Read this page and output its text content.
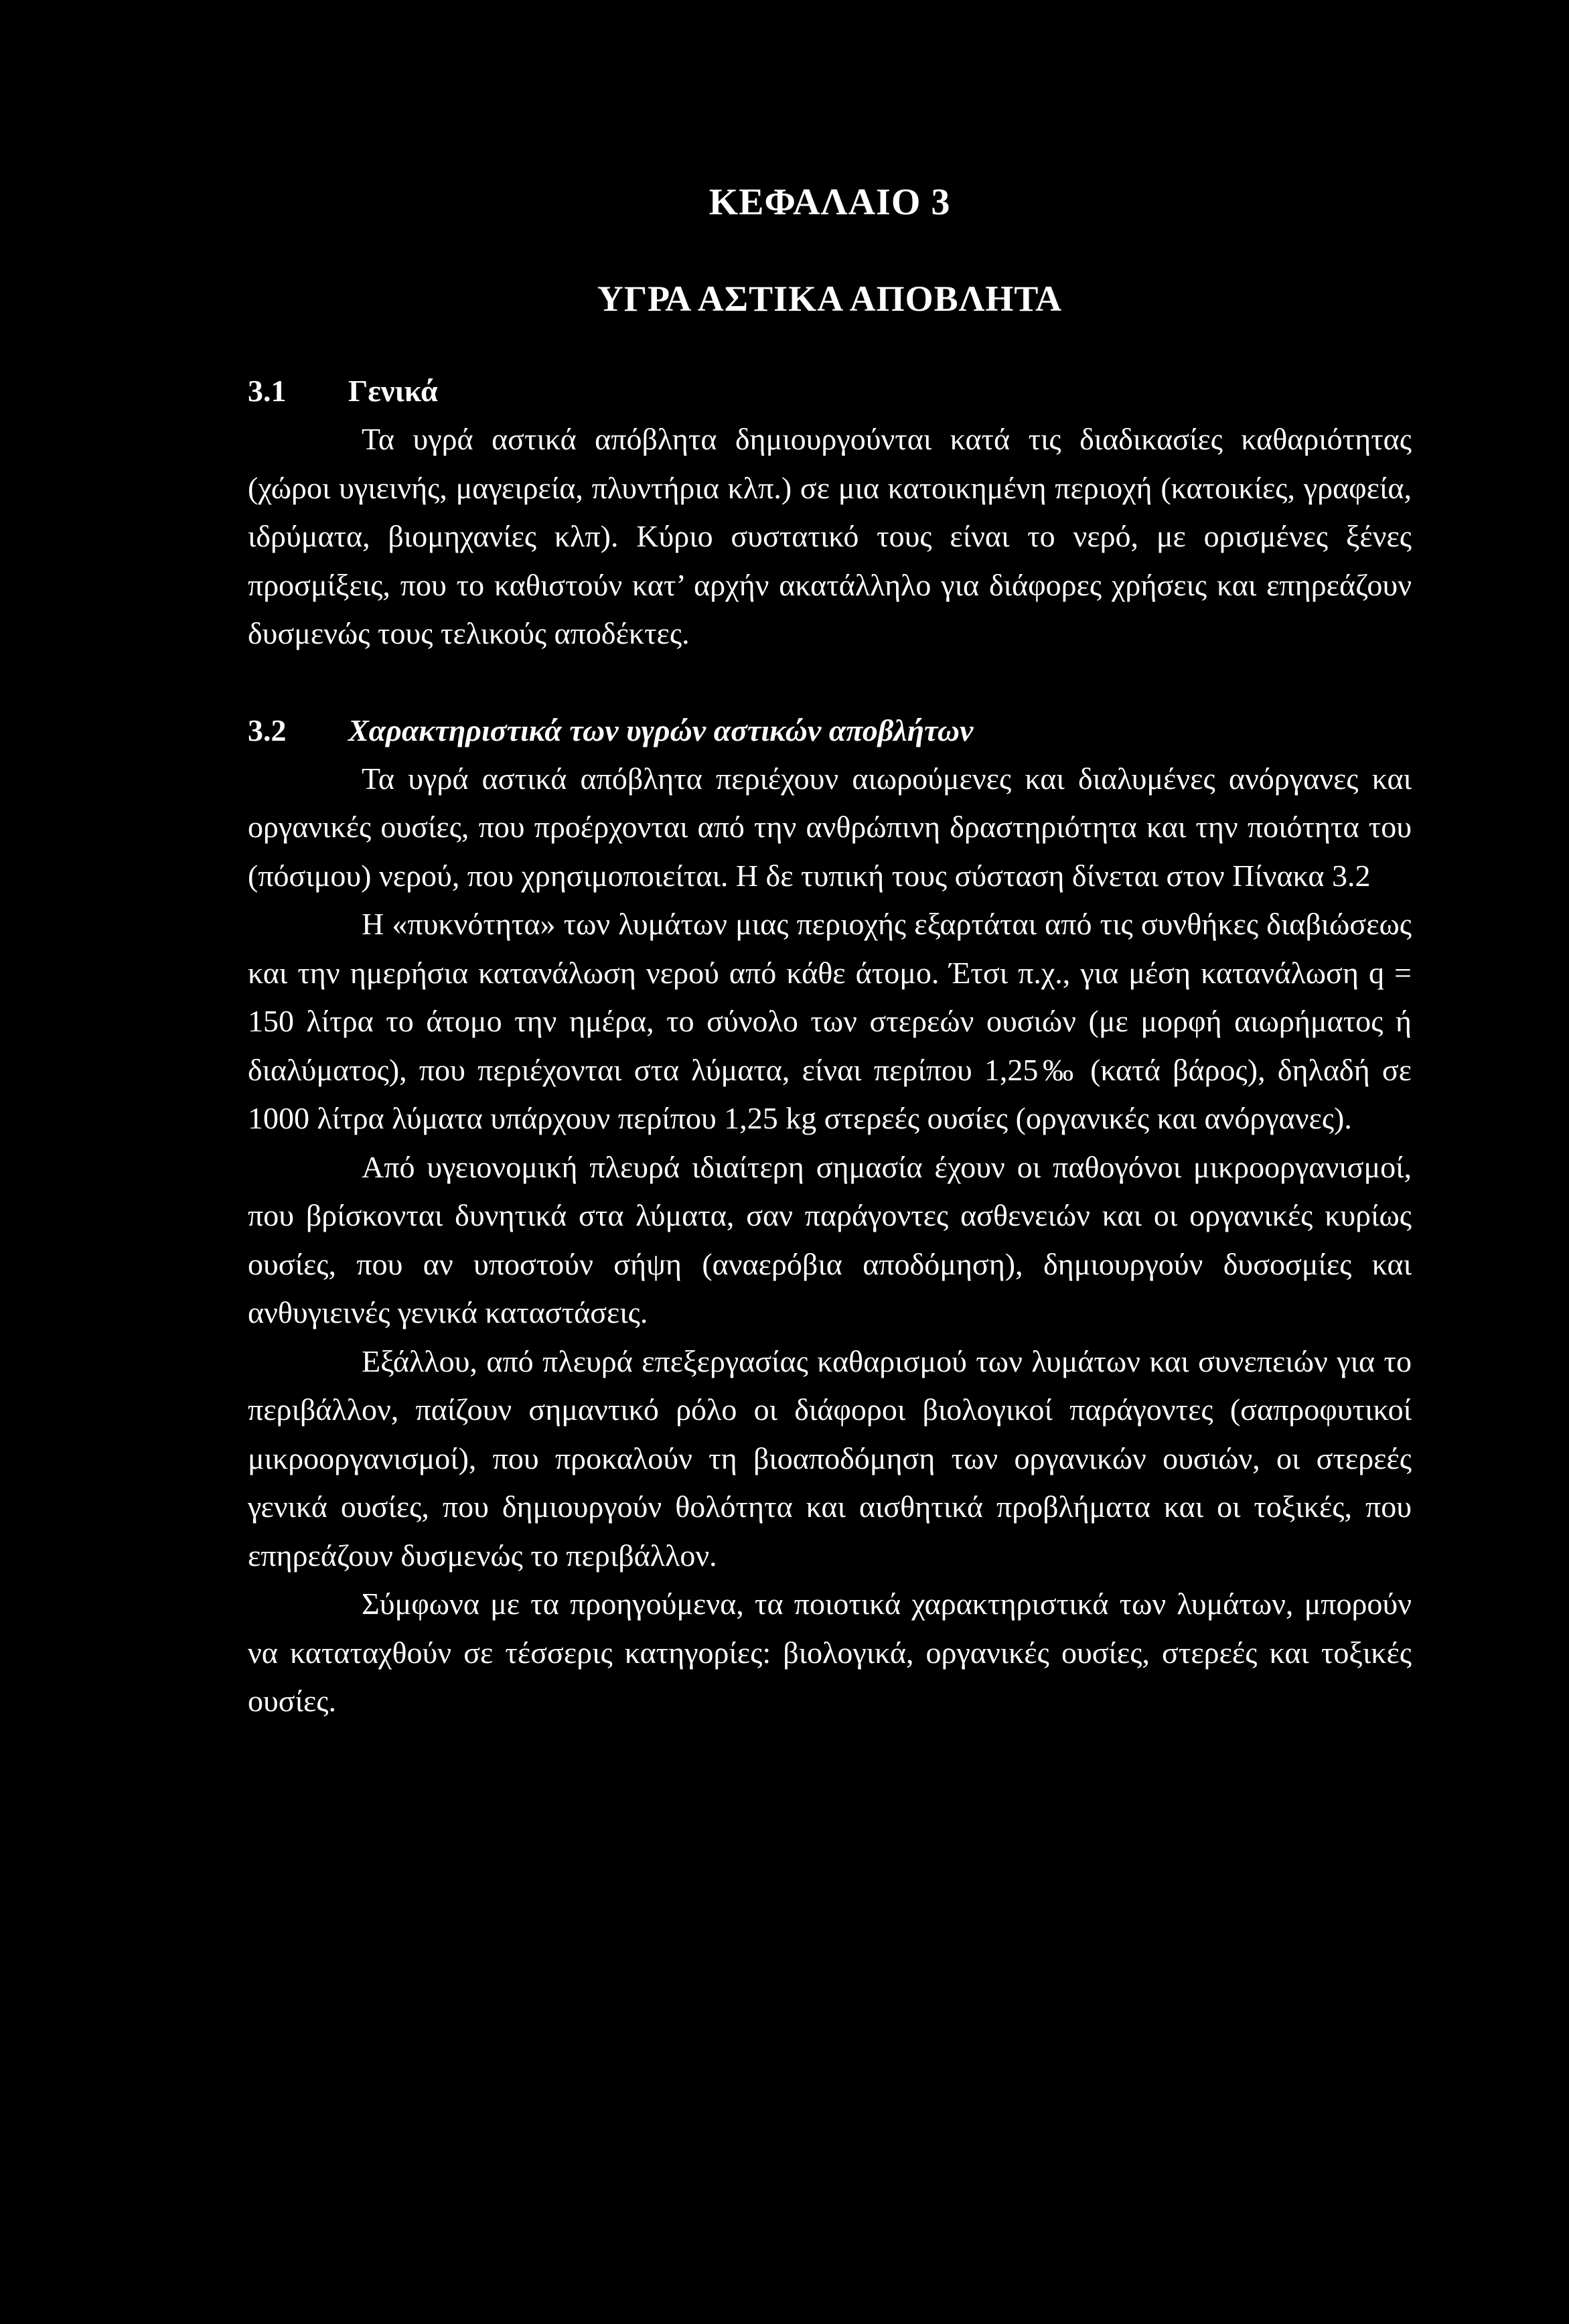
ΚΕΦΑΛΑΙΟ 3
ΥΓΡΑ ΑΣΤΙΚΑ ΑΠΟΒΛΗΤΑ
3.1	Γενικά

Τα υγρά αστικά απόβλητα δημιουργούνται κατά τις διαδικασίες καθαριότητας (χώροι υγιεινής, μαγειρεία, πλυντήρια κλπ.) σε μια κατοικημένη περιοχή (κατοικίες, γραφεία, ιδρύματα, βιομηχανίες κλπ). Κύριο συστατικό τους είναι το νερό, με ορισμένες ξένες προσμίξεις, που το καθιστούν κατ’ αρχήν ακατάλληλο για διάφορες χρήσεις και επηρεάζουν δυσμενώς τους τελικούς αποδέκτες.

3.2	Χαρακτηριστικά των υγρών αστικών αποβλήτων

Τα υγρά αστικά απόβλητα περιέχουν αιωρούμενες και διαλυμένες ανόργανες και οργανικές ουσίες, που προέρχονται από την ανθρώπινη δραστηριότητα και την ποιότητα του (πόσιμου) νερού, που χρησιμοποιείται. Η δε τυπική τους σύσταση δίνεται στον Πίνακα 3.2

Η «πυκνότητα» των λυμάτων μιας περιοχής εξαρτάται από τις συνθήκες διαβιώσεως και την ημερήσια κατανάλωση νερού από κάθε άτομο. Έτσι π.χ., για μέση κατανάλωση q = 150 λίτρα το άτομο την ημέρα, το σύνολο των στερεών ουσιών (με μορφή αιωρήματος ή διαλύματος), που περιέχονται στα λύματα, είναι περίπου 1,25‰ (κατά βάρος), δηλαδή σε 1000 λίτρα λύματα υπάρχουν περίπου 1,25 kg στερεές ουσίες (οργανικές και ανόργανες).

Από υγειονομική πλευρά ιδιαίτερη σημασία έχουν οι παθογόνοι μικροοργανισμοί, που βρίσκονται δυνητικά στα λύματα, σαν παράγοντες ασθενειών και οι οργανικές κυρίως ουσίες, που αν υποστούν σήψη (αναερόβια αποδόμηση), δημιουργούν δυσοσμίες και ανθυγιεινές γενικά καταστάσεις.

Εξάλλου, από πλευρά επεξεργασίας καθαρισμού των λυμάτων και συνεπειών για το περιβάλλον, παίζουν σημαντικό ρόλο οι διάφοροι βιολογικοί παράγοντες (σαπροφυτικοί μικροοργανισμοί), που προκαλούν τη βιοαποδόμηση των οργανικών ουσιών, οι στερεές γενικά ουσίες, που δημιουργούν θολότητα και αισθητικά προβλήματα και οι τοξικές, που επηρεάζουν δυσμενώς το περιβάλλον.

Σύμφωνα με τα προηγούμενα, τα ποιοτικά χαρακτηριστικά των λυμάτων, μπορούν να καταταχθούν σε τέσσερις κατηγορίες: βιολογικά, οργανικές ουσίες, στερεές και τοξικές ουσίες.
